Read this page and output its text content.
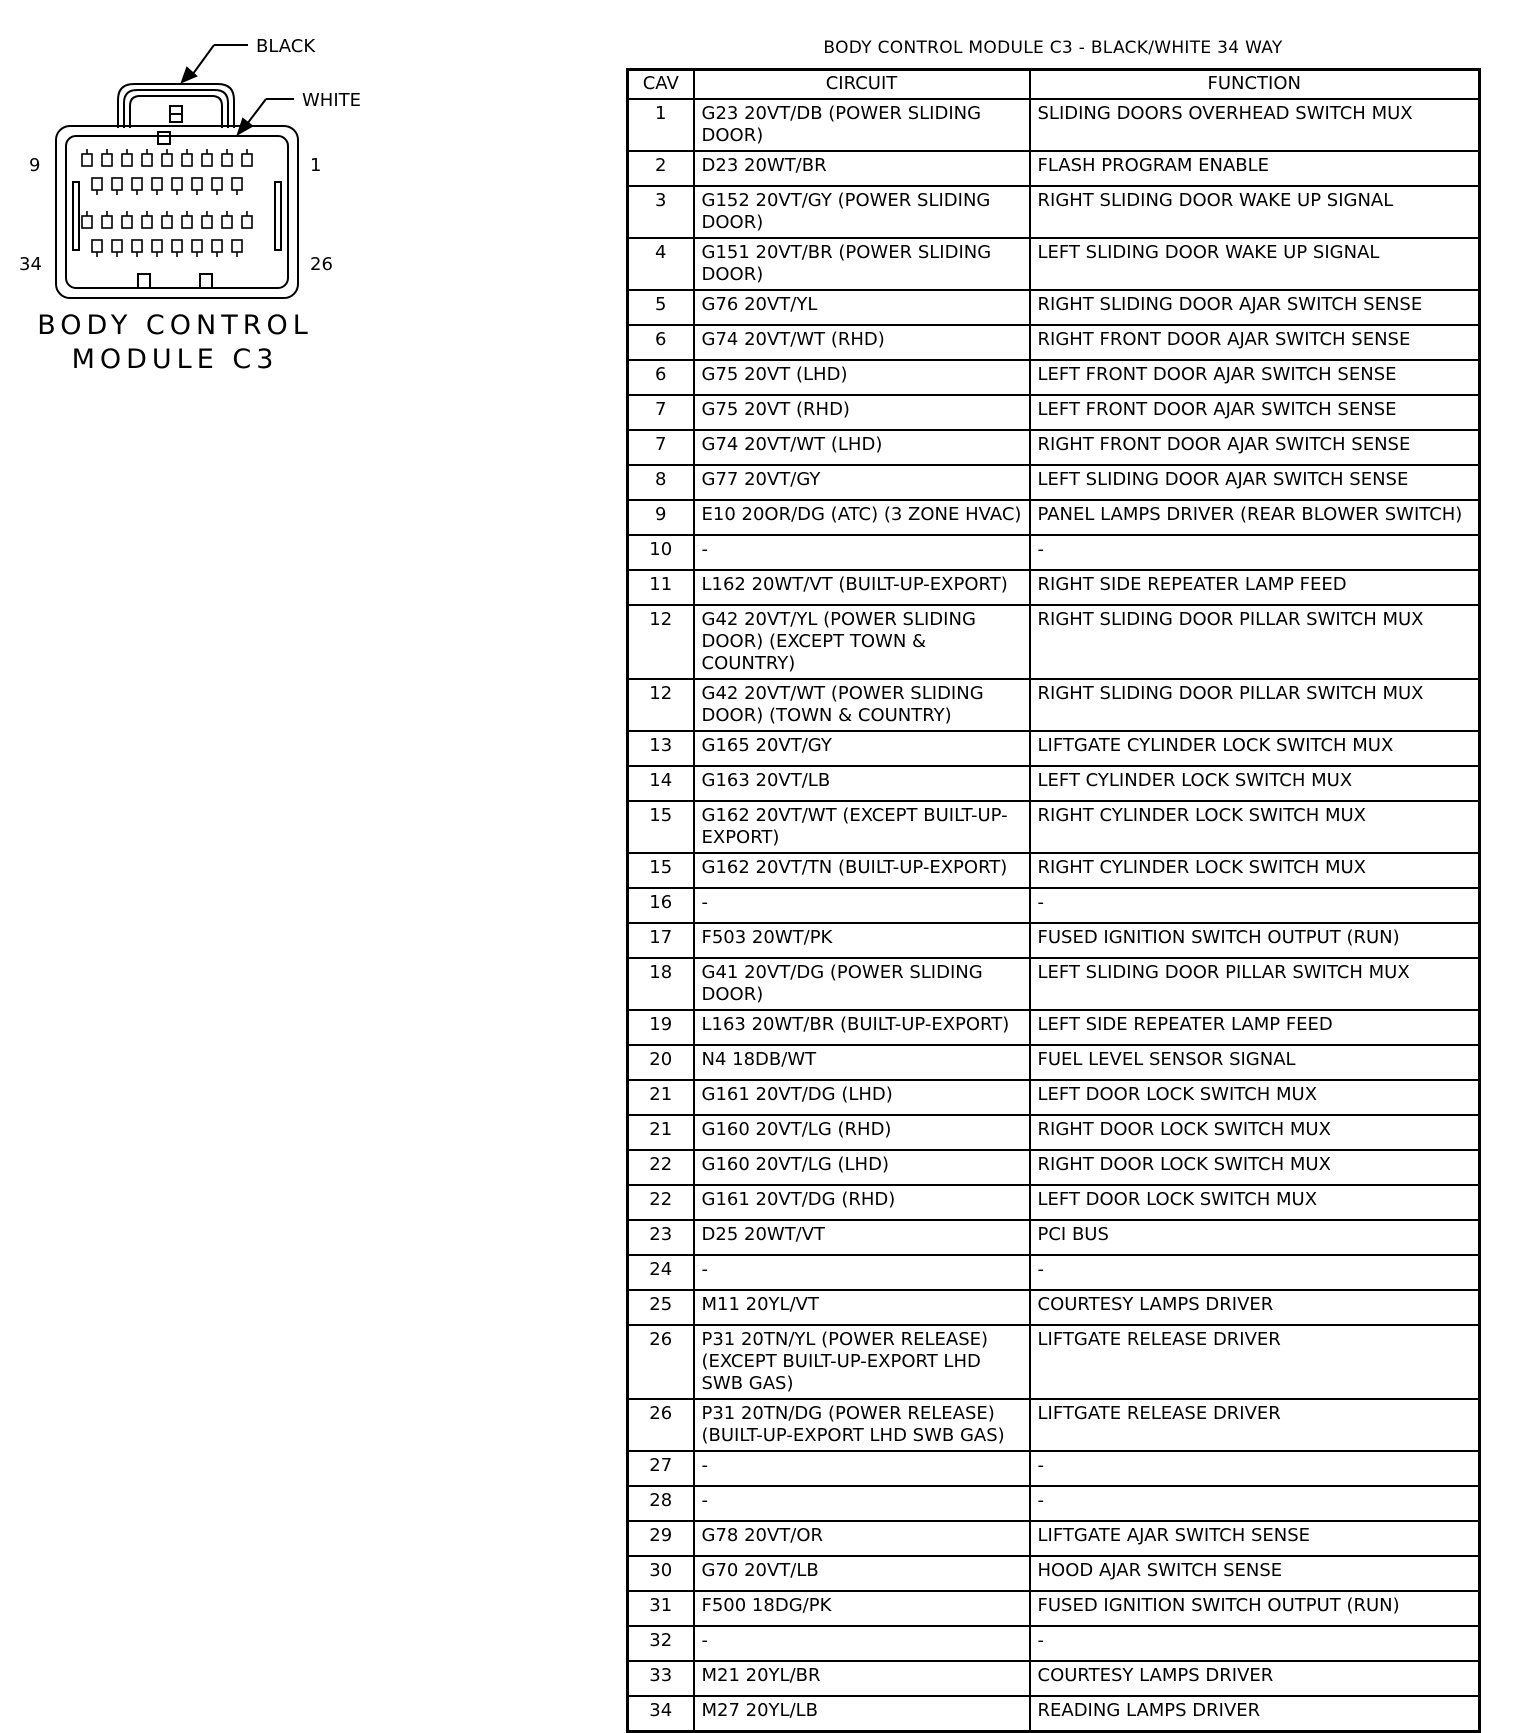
BLACK
WHITE
9	1
34	26
BODY CONTROL
MODULE C3
BODY CONTROL MODULE C3 - BLACK/WHITE 34 WAY
CAV	CIRCUIT	FUNCTION
1	G23 20VT/DB (POWER SLIDING DOOR)	SLIDING DOORS OVERHEAD SWITCH MUX
2	D23 20WT/BR	FLASH PROGRAM ENABLE
3	G152 20VT/GY (POWER SLIDING DOOR)	RIGHT SLIDING DOOR WAKE UP SIGNAL
4	G151 20VT/BR (POWER SLIDING DOOR)	LEFT SLIDING DOOR WAKE UP SIGNAL
5	G76 20VT/YL	RIGHT SLIDING DOOR AJAR SWITCH SENSE
6	G74 20VT/WT (RHD)	RIGHT FRONT DOOR AJAR SWITCH SENSE
6	G75 20VT (LHD)	LEFT FRONT DOOR AJAR SWITCH SENSE
7	G75 20VT (RHD)	LEFT FRONT DOOR AJAR SWITCH SENSE
7	G74 20VT/WT (LHD)	RIGHT FRONT DOOR AJAR SWITCH SENSE
8	G77 20VT/GY	LEFT SLIDING DOOR AJAR SWITCH SENSE
9	E10 20OR/DG (ATC) (3 ZONE HVAC)	PANEL LAMPS DRIVER (REAR BLOWER SWITCH)
10	-	-
11	L162 20WT/VT (BUILT-UP-EXPORT)	RIGHT SIDE REPEATER LAMP FEED
12	G42 20VT/YL (POWER SLIDING DOOR) (EXCEPT TOWN & COUNTRY)	RIGHT SLIDING DOOR PILLAR SWITCH MUX
12	G42 20VT/WT (POWER SLIDING DOOR) (TOWN & COUNTRY)	RIGHT SLIDING DOOR PILLAR SWITCH MUX
13	G165 20VT/GY	LIFTGATE CYLINDER LOCK SWITCH MUX
14	G163 20VT/LB	LEFT CYLINDER LOCK SWITCH MUX
15	G162 20VT/WT (EXCEPT BUILT-UP-EXPORT)	RIGHT CYLINDER LOCK SWITCH MUX
15	G162 20VT/TN (BUILT-UP-EXPORT)	RIGHT CYLINDER LOCK SWITCH MUX
16	-	-
17	F503 20WT/PK	FUSED IGNITION SWITCH OUTPUT (RUN)
18	G41 20VT/DG (POWER SLIDING DOOR)	LEFT SLIDING DOOR PILLAR SWITCH MUX
19	L163 20WT/BR (BUILT-UP-EXPORT)	LEFT SIDE REPEATER LAMP FEED
20	N4 18DB/WT	FUEL LEVEL SENSOR SIGNAL
21	G161 20VT/DG (LHD)	LEFT DOOR LOCK SWITCH MUX
21	G160 20VT/LG (RHD)	RIGHT DOOR LOCK SWITCH MUX
22	G160 20VT/LG (LHD)	RIGHT DOOR LOCK SWITCH MUX
22	G161 20VT/DG (RHD)	LEFT DOOR LOCK SWITCH MUX
23	D25 20WT/VT	PCI BUS
24	-	-
25	M11 20YL/VT	COURTESY LAMPS DRIVER
26	P31 20TN/YL (POWER RELEASE) (EXCEPT BUILT-UP-EXPORT LHD SWB GAS)	LIFTGATE RELEASE DRIVER
26	P31 20TN/DG (POWER RELEASE) (BUILT-UP-EXPORT LHD SWB GAS)	LIFTGATE RELEASE DRIVER
27	-	-
28	-	-
29	G78 20VT/OR	LIFTGATE AJAR SWITCH SENSE
30	G70 20VT/LB	HOOD AJAR SWITCH SENSE
31	F500 18DG/PK	FUSED IGNITION SWITCH OUTPUT (RUN)
32	-	-
33	M21 20YL/BR	COURTESY LAMPS DRIVER
34	M27 20YL/LB	READING LAMPS DRIVER
